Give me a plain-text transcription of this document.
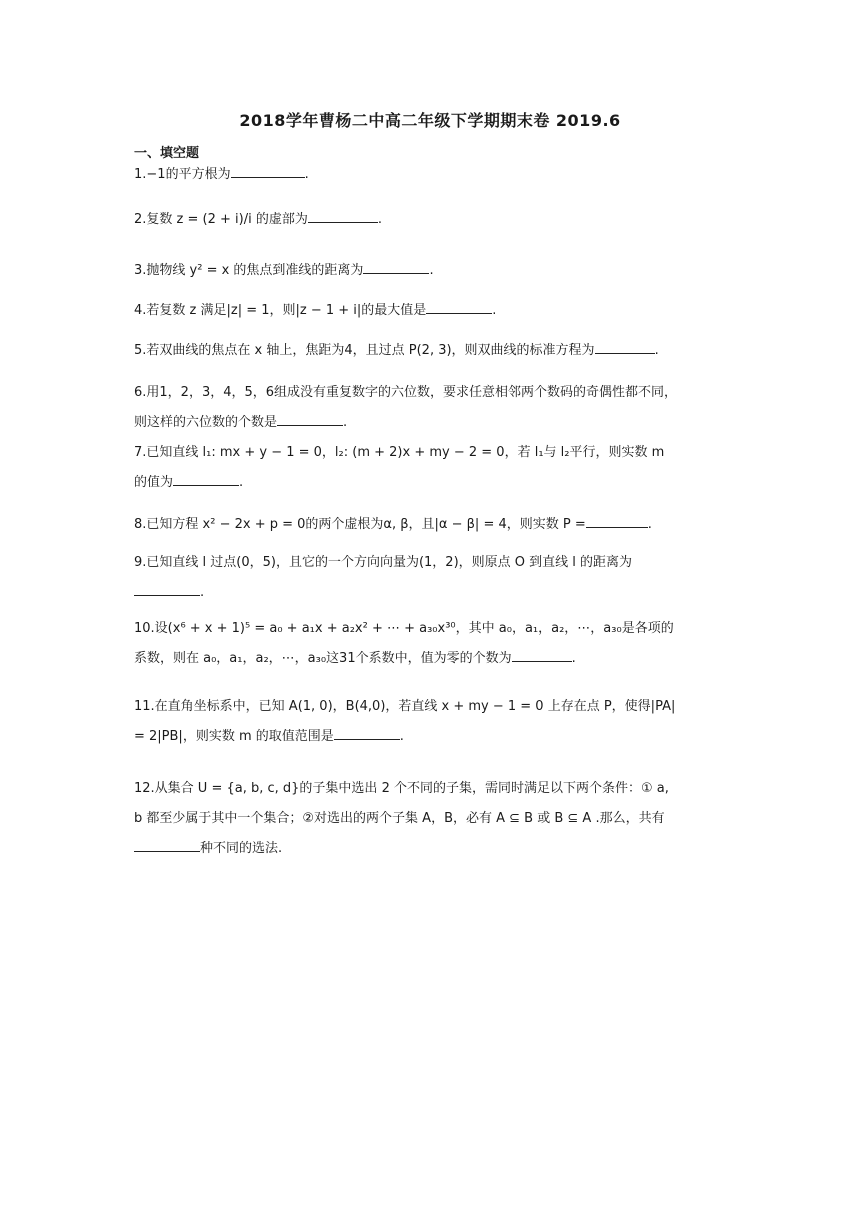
2018学年曹杨二中高二年级下学期期末卷 2019.6
一、填空题
1.−1的平方根为	.
2.复数 z = (2 + i)/i 的虚部为	.
3.抛物线 y² = x 的焦点到准线的距离为	.
4.若复数 z 满足|z| = 1，则|z − 1 + i|的最大值是	.
5.若双曲线的焦点在 x 轴上，焦距为4，且过点 P(2, 3)，则双曲线的标准方程为	.
6.用1，2，3，4，5，6组成没有重复数字的六位数，要求任意相邻两个数码的奇偶性都不同，则这样的六位数的个数是	.
7.已知直线 l₁: mx + y − 1 = 0，l₂: (m + 2)x + my − 2 = 0，若 l₁与 l₂平行，则实数 m 的值为	.
8.已知方程 x² − 2x + p = 0的两个虚根为α, β，且|α − β| = 4，则实数 P =	.
9.已知直线 l 过点(0，5)，且它的一个方向向量为(1，2)，则原点 O 到直线 l 的距离为.
10.设(x⁶ + x + 1)⁵ = a₀ + a₁x + a₂x² + ⋯ + a₃₀x³⁰，其中 a₀，a₁，a₂，⋯，a₃₀是各项的系数，则在 a₀，a₁，a₂，⋯，a₃₀这31个系数中，值为零的个数为	.
11.在直角坐标系中，已知 A(1, 0)，B(4,0)，若直线 x + my − 1 = 0 上存在点 P，使得|PA| = 2|PB|，则实数 m 的取值范围是	.
12.从集合 U = {a, b, c, d}的子集中选出 2 个不同的子集，需同时满足以下两个条件：① a, b 都至少属于其中一个集合；②对选出的两个子集 A，B，必有 A ⊆ B 或 B ⊆ A .那么，共有种不同的选法.
